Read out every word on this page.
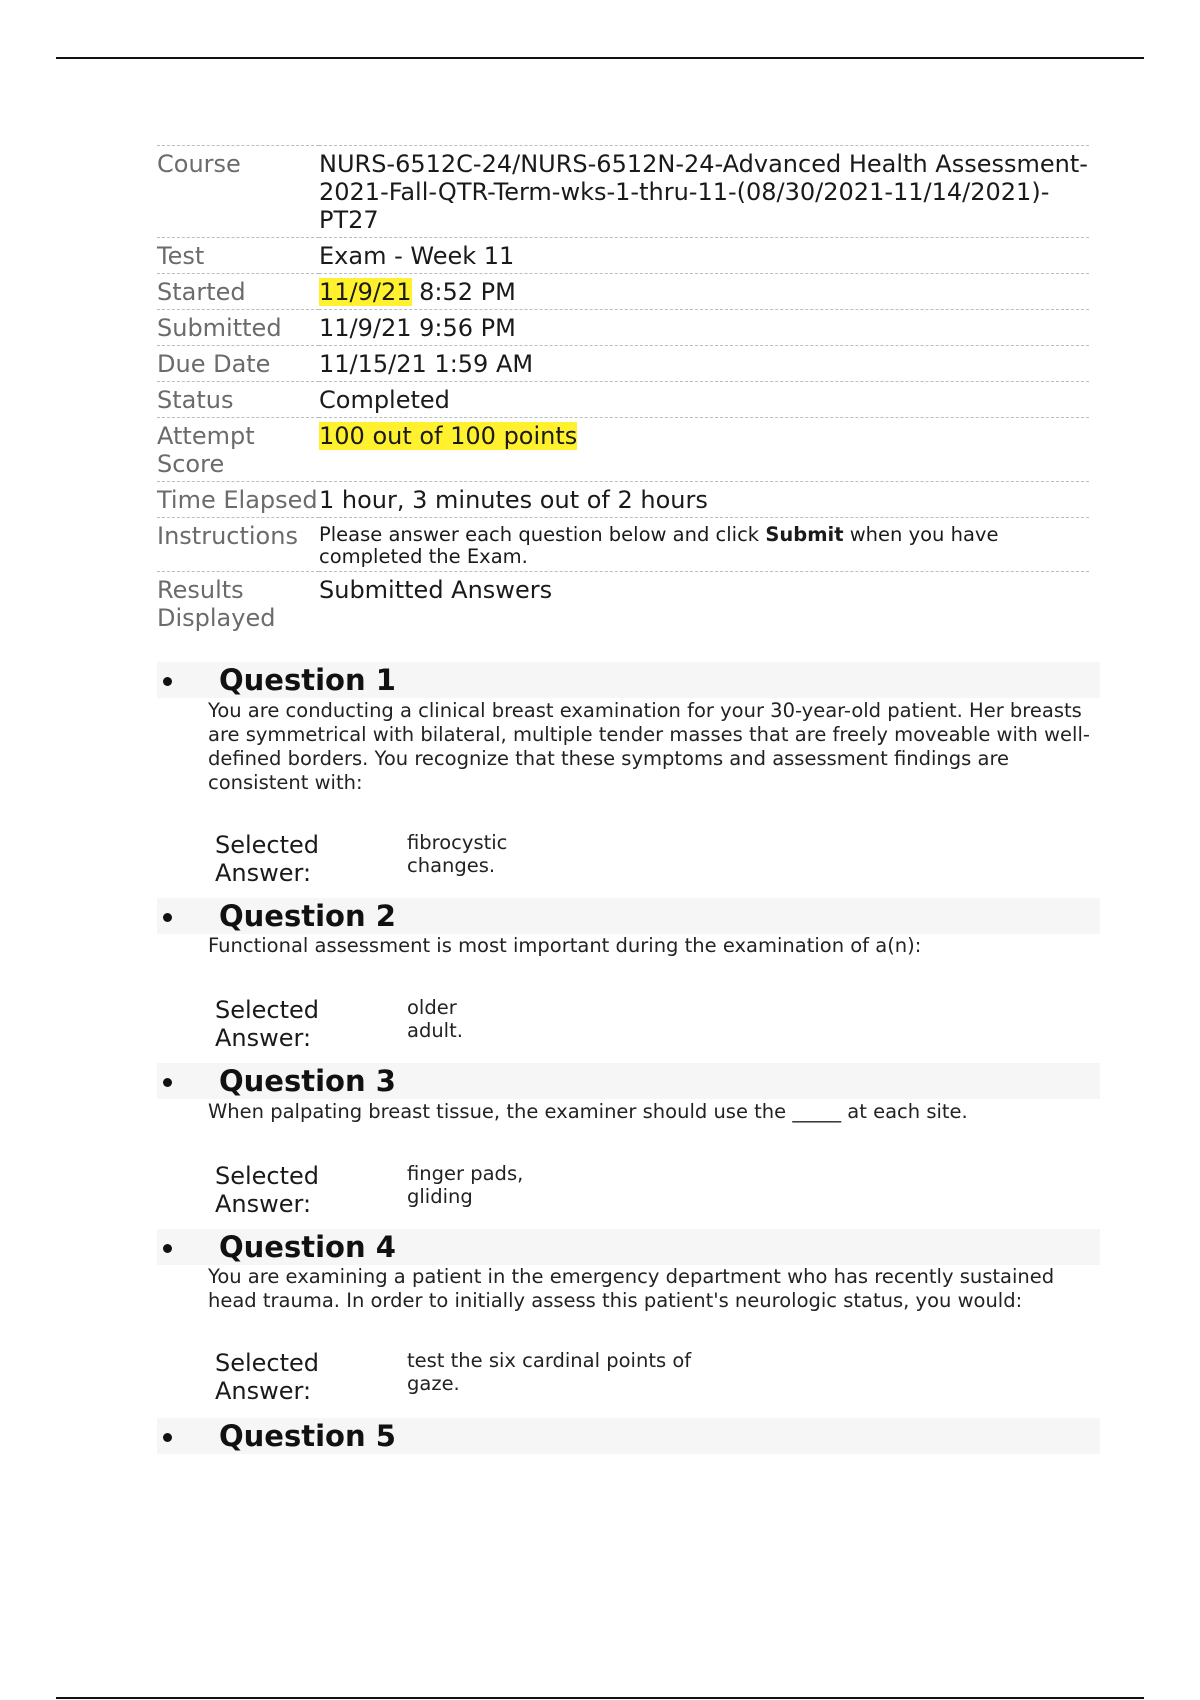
Course	NURS-6512C-24/NURS-6512N-24-Advanced Health Assessment-2021-Fall-QTR-Term-wks-1-thru-11-(08/30/2021-11/14/2021)-PT27
Test	Exam - Week 11
Started	11/9/21 8:52 PM
Submitted	11/9/21 9:56 PM
Due Date	11/15/21 1:59 AM
Status	Completed
Attempt Score	100 out of 100 points
Time Elapsed	1 hour, 3 minutes out of 2 hours
Instructions	Please answer each question below and click Submit when you have completed the Exam.
Results Displayed	Submitted Answers
Question 1
You are conducting a clinical breast examination for your 30-year-old patient. Her breasts are symmetrical with bilateral, multiple tender masses that are freely moveable with well-defined borders. You recognize that these symptoms and assessment findings are consistent with:
Selected Answer:
fibrocystic changes.
Question 2
Functional assessment is most important during the examination of a(n):
Selected Answer:
older adult.
Question 3
When palpating breast tissue, the examiner should use the _____ at each site.
Selected Answer:
finger pads, gliding
Question 4
You are examining a patient in the emergency department who has recently sustained head trauma. In order to initially assess this patient's neurologic status, you would:
Selected Answer:
test the six cardinal points of gaze.
Question 5
